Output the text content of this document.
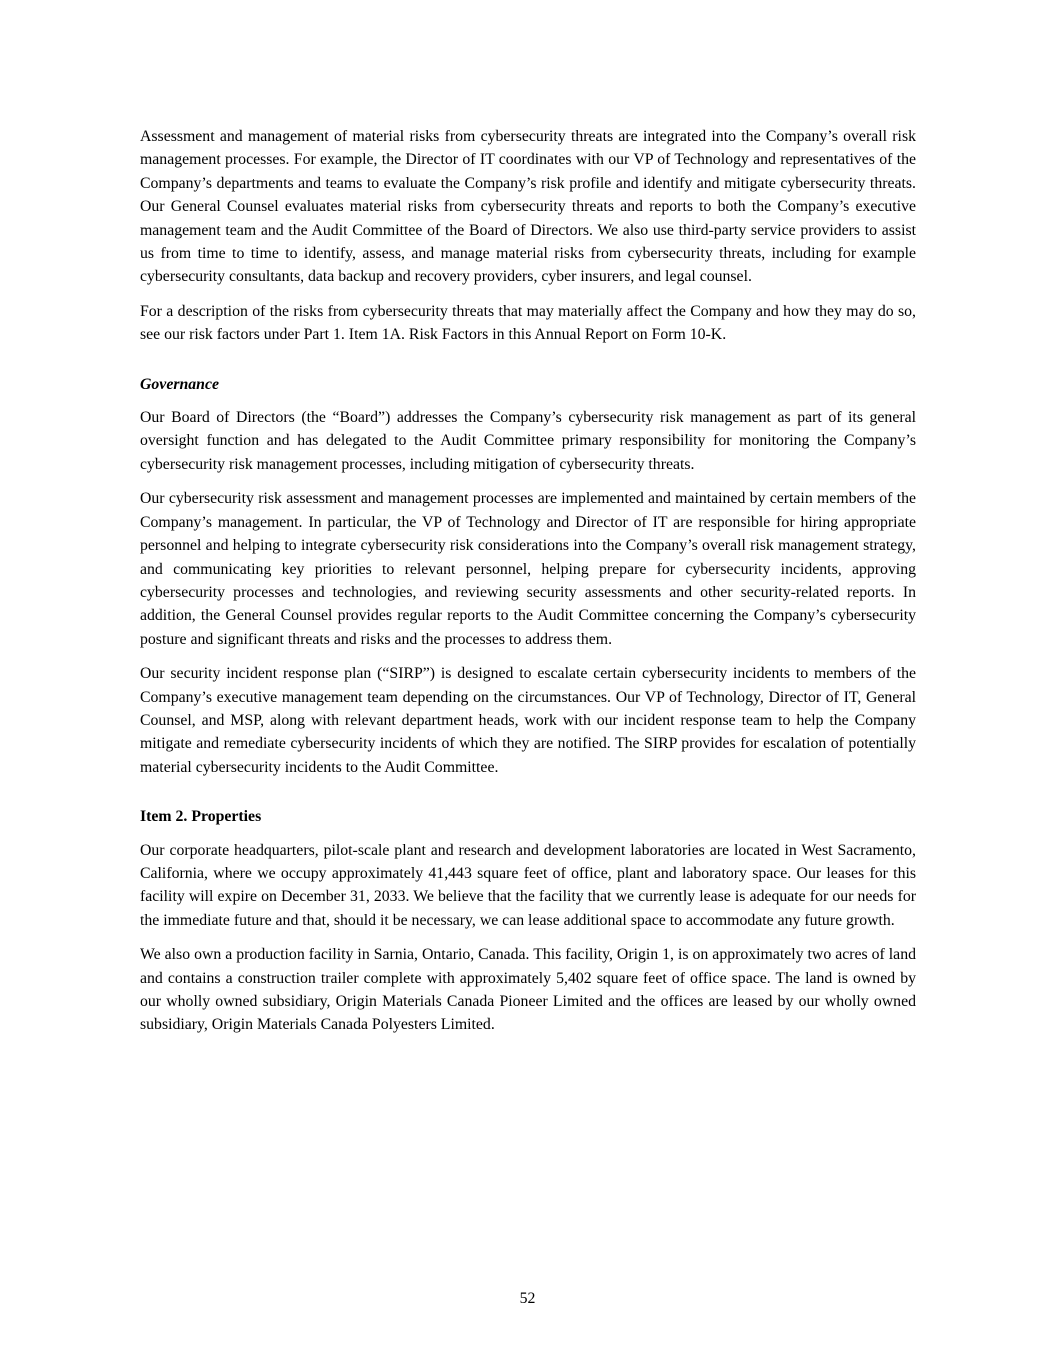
Assessment and management of material risks from cybersecurity threats are integrated into the Company’s overall risk management processes. For example, the Director of IT coordinates with our VP of Technology and representatives of the Company’s departments and teams to evaluate the Company’s risk profile and identify and mitigate cybersecurity threats. Our General Counsel evaluates material risks from cybersecurity threats and reports to both the Company’s executive management team and the Audit Committee of the Board of Directors. We also use third-party service providers to assist us from time to time to identify, assess, and manage material risks from cybersecurity threats, including for example cybersecurity consultants, data backup and recovery providers, cyber insurers, and legal counsel.

For a description of the risks from cybersecurity threats that may materially affect the Company and how they may do so, see our risk factors under Part 1. Item 1A. Risk Factors in this Annual Report on Form 10-K.

Governance

Our Board of Directors (the “Board”) addresses the Company’s cybersecurity risk management as part of its general oversight function and has delegated to the Audit Committee primary responsibility for monitoring the Company’s cybersecurity risk management processes, including mitigation of cybersecurity threats.

Our cybersecurity risk assessment and management processes are implemented and maintained by certain members of the Company’s management. In particular, the VP of Technology and Director of IT are responsible for hiring appropriate personnel and helping to integrate cybersecurity risk considerations into the Company’s overall risk management strategy, and communicating key priorities to relevant personnel, helping prepare for cybersecurity incidents, approving cybersecurity processes and technologies, and reviewing security assessments and other security-related reports. In addition, the General Counsel provides regular reports to the Audit Committee concerning the Company’s cybersecurity posture and significant threats and risks and the processes to address them.

Our security incident response plan (“SIRP”) is designed to escalate certain cybersecurity incidents to members of the Company’s executive management team depending on the circumstances. Our VP of Technology, Director of IT, General Counsel, and MSP, along with relevant department heads, work with our incident response team to help the Company mitigate and remediate cybersecurity incidents of which they are notified. The SIRP provides for escalation of potentially material cybersecurity incidents to the Audit Committee.

Item 2. Properties

Our corporate headquarters, pilot-scale plant and research and development laboratories are located in West Sacramento, California, where we occupy approximately 41,443 square feet of office, plant and laboratory space. Our leases for this facility will expire on December 31, 2033. We believe that the facility that we currently lease is adequate for our needs for the immediate future and that, should it be necessary, we can lease additional space to accommodate any future growth.

We also own a production facility in Sarnia, Ontario, Canada. This facility, Origin 1, is on approximately two acres of land and contains a construction trailer complete with approximately 5,402 square feet of office space. The land is owned by our wholly owned subsidiary, Origin Materials Canada Pioneer Limited and the offices are leased by our wholly owned subsidiary, Origin Materials Canada Polyesters Limited.

52
